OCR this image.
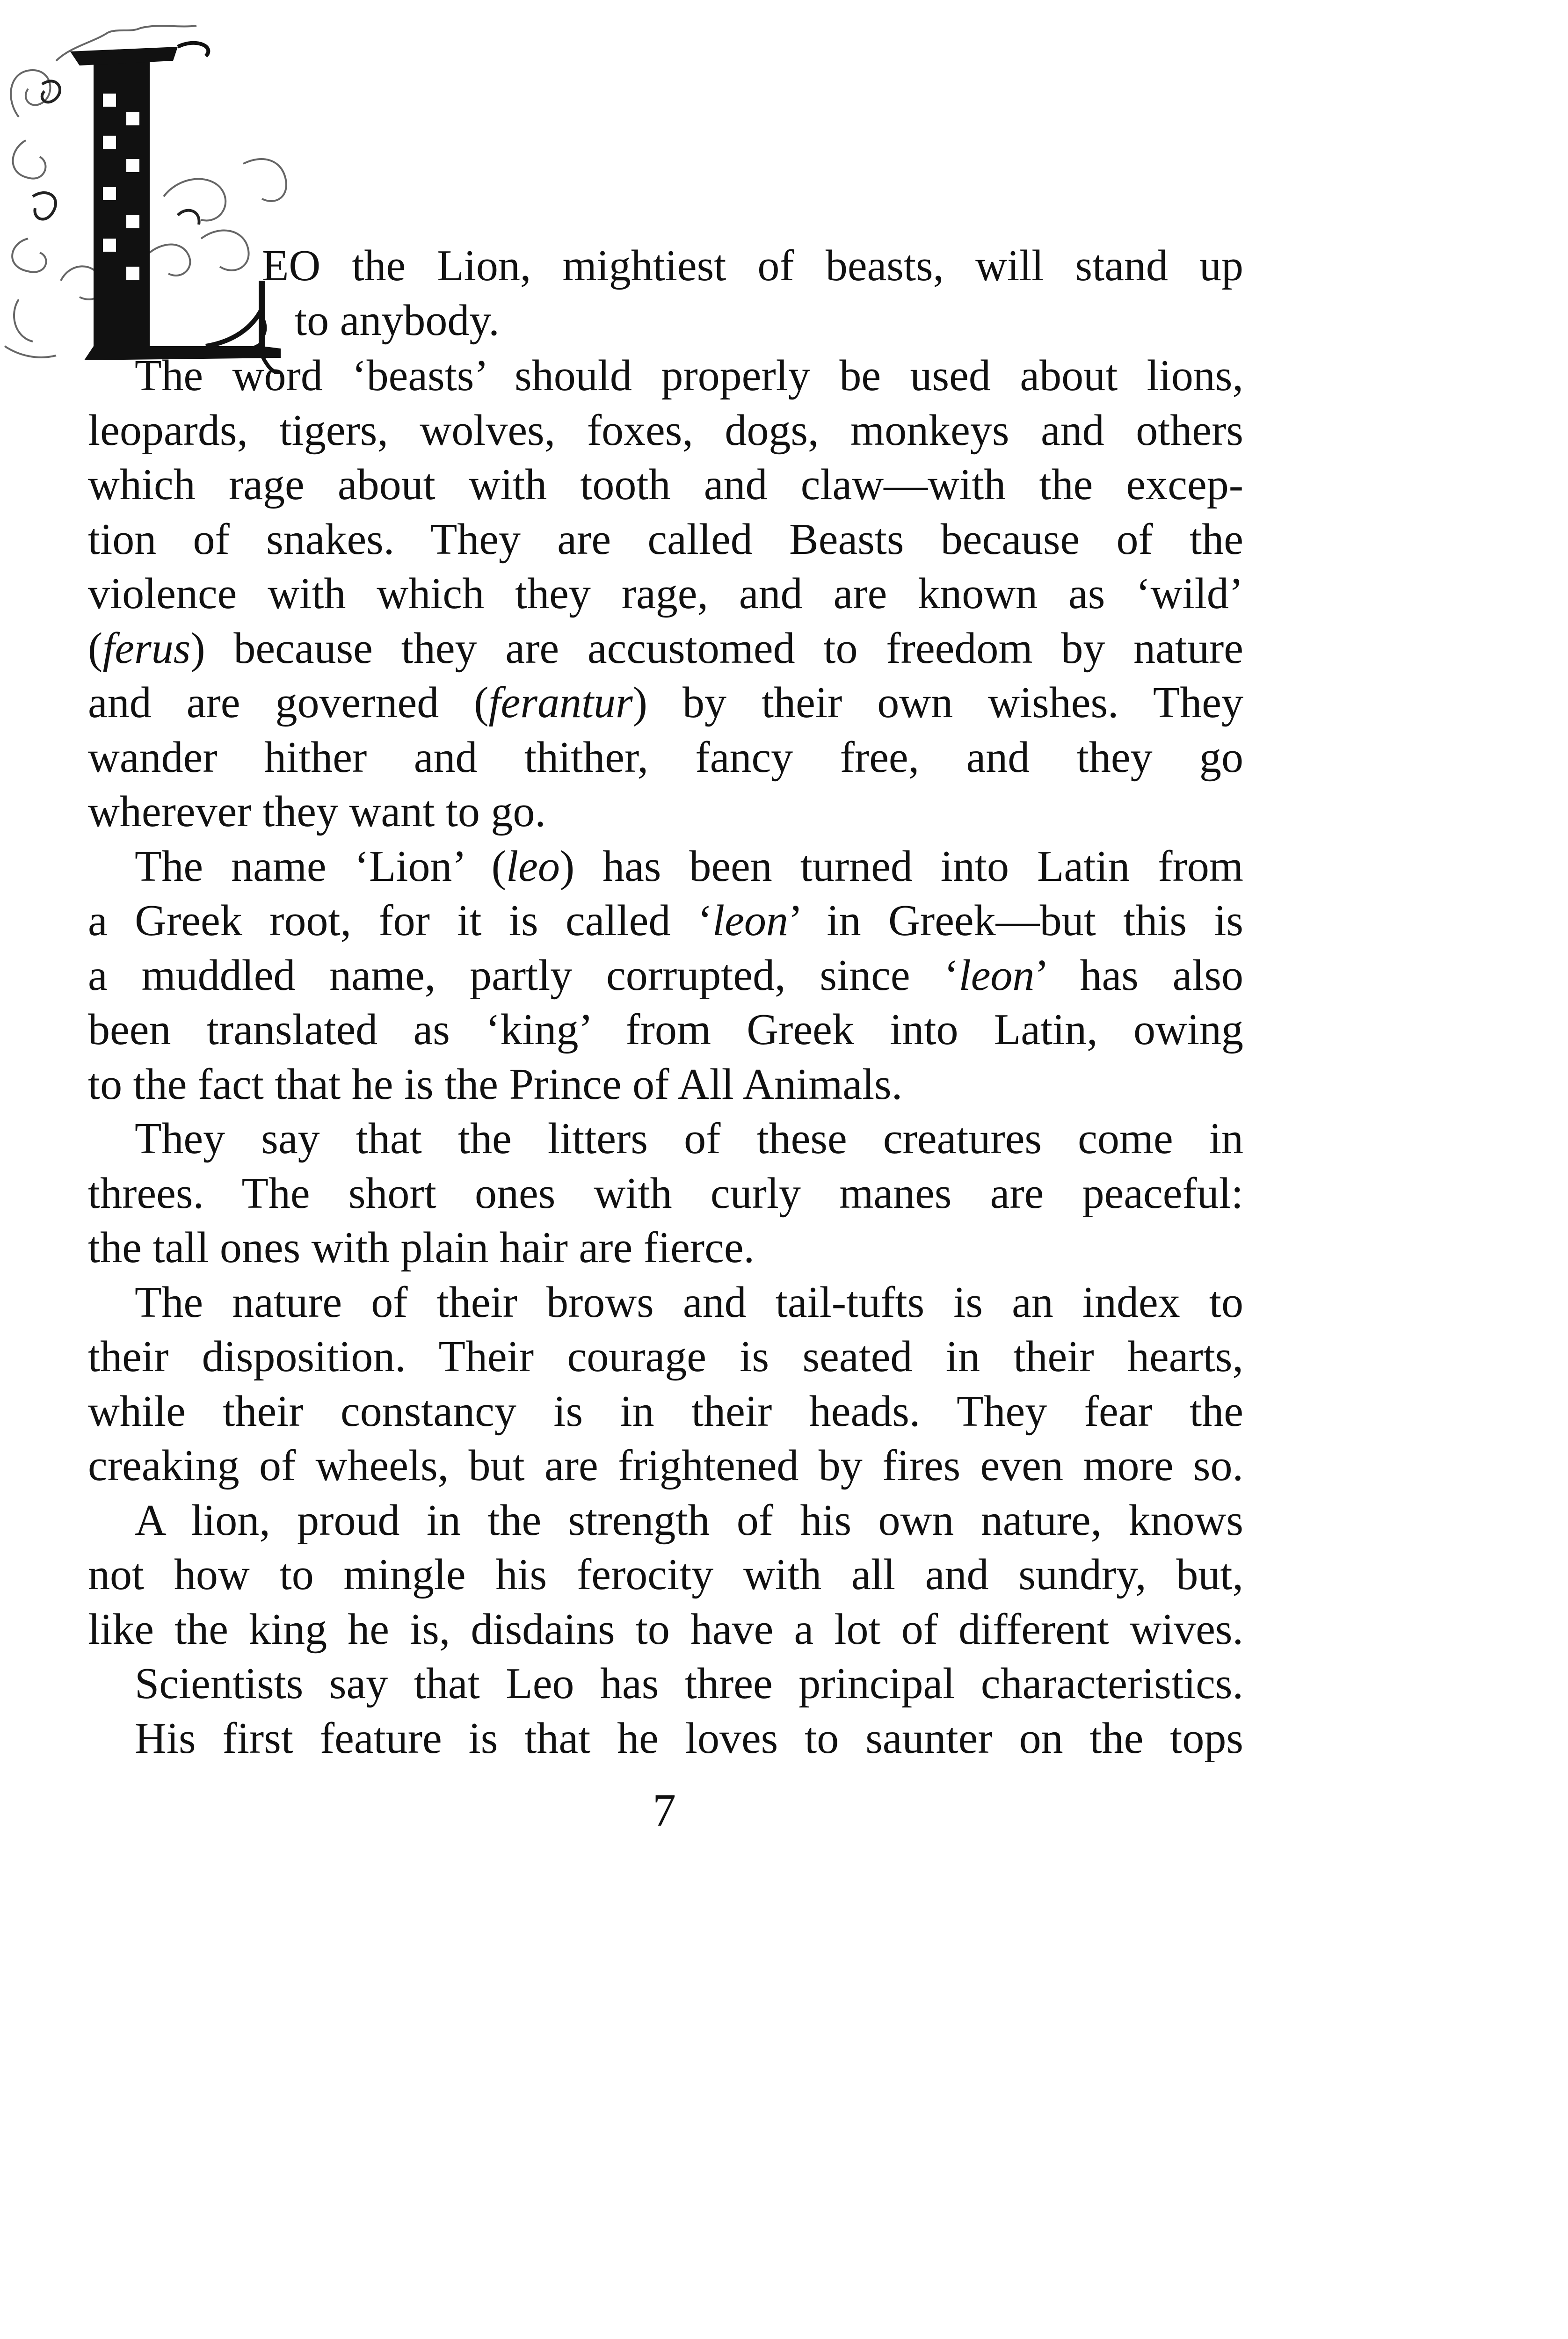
EO the Lion, mightiest of beasts, will stand up
to anybody.
The word ‘beasts’ should properly be used about lions,
leopards, tigers, wolves, foxes, dogs, monkeys and others
which rage about with tooth and claw—with the excep-
tion of snakes. They are called Beasts because of the
violence with which they rage, and are known as ‘wild’
(ferus) because they are accustomed to freedom by nature
and are governed (ferantur) by their own wishes. They
wander hither and thither, fancy free, and they go
wherever they want to go.
The name ‘Lion’ (leo) has been turned into Latin from
a Greek root, for it is called ‘leon’ in Greek—but this is
a muddled name, partly corrupted, since ‘leon’ has also
been translated as ‘king’ from Greek into Latin, owing
to the fact that he is the Prince of All Animals.
They say that the litters of these creatures come in
threes. The short ones with curly manes are peaceful:
the tall ones with plain hair are fierce.
The nature of their brows and tail-tufts is an index to
their disposition. Their courage is seated in their hearts,
while their constancy is in their heads. They fear the
creaking of wheels, but are frightened by fires even more so.
A lion, proud in the strength of his own nature, knows
not how to mingle his ferocity with all and sundry, but,
like the king he is, disdains to have a lot of different wives.
Scientists say that Leo has three principal characteristics.
His first feature is that he loves to saunter on the tops
7
